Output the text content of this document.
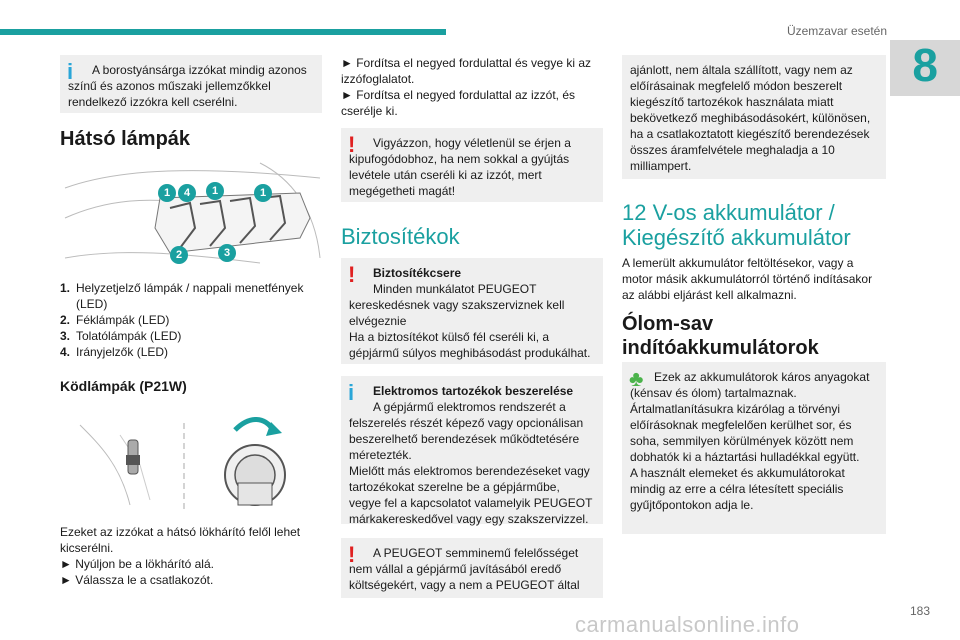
Üzemzavar esetén
8
183
carmanualsonline.info
i	A borostyánsárga izzókat mindig azonos színű és azonos műszaki jellemzőkkel rendelkező izzókra kell cserélni.
Hátsó lámpák
1	4	1	1
2	3
1. Helyzetjelző lámpák / nappali menetfények (LED)
2. Féklámpák (LED)
3. Tolatólámpák (LED)
4. Irányjelzők (LED)
Ködlámpák (P21W)
Ezeket az izzókat a hátsó lökhárító felől lehet kicserélni.
► Nyúljon be a lökhárító alá.
► Válassza le a csatlakozót.
► Fordítsa el negyed fordulattal és vegye ki az izzófoglalatot.
► Fordítsa el negyed fordulattal az izzót, és cserélje ki.
!	Vigyázzon, hogy véletlenül se érjen a kipufogódobhoz, ha nem sokkal a gyújtás levétele után cseréli ki az izzót, mert megégetheti magát!
Biztosítékok
!	Biztosítékcsere
Minden munkálatot PEUGEOT kereskedésnek vagy szakszerviznek kell elvégeznie
Ha a biztosítékot külső fél cseréli ki, a gépjármű súlyos meghibásodást produkálhat.
i	Elektromos tartozékok beszerelése
A gépjármű elektromos rendszerét a felszerelés részét képező vagy opcionálisan beszerelhető berendezések működtetésére méretezték.
Mielőtt más elektromos berendezéseket vagy tartozékokat szerelne be a gépjárműbe, vegye fel a kapcsolatot valamelyik PEUGEOT márkakereskedővel vagy egy szakszervizzel.
!	A PEUGEOT semminemű felelősséget nem vállal a gépjármű javításából eredő költségekért, vagy a nem a PEUGEOT által
ajánlott, nem általa szállított, vagy nem az előírásainak megfelelő módon beszerelt kiegészítő tartozékok használata miatt bekövetkező meghibásodásokért, különösen, ha a csatlakoztatott kiegészítő berendezések összes áramfelvétele meghaladja a 10 milliampert.
12 V-os akkumulátor /
Kiegészítő akkumulátor
A lemerült akkumulátor feltöltésekor, vagy a motor másik akkumulátorról történő indításakor az alábbi eljárást kell alkalmazni.
Ólom-sav
indítóakkumulátorok
♣ Ezek az akkumulátorok káros anyagokat (kénsav és ólom) tartalmaznak.
Ártalmatlanításukra kizárólag a törvényi előírásoknak megfelelően kerülhet sor, és soha, semmilyen körülmények között nem dobhatók ki a háztartási hulladékkal együtt.
A használt elemeket és akkumulátorokat mindig az erre a célra létesített speciális gyűjtőpontokon adja le.
